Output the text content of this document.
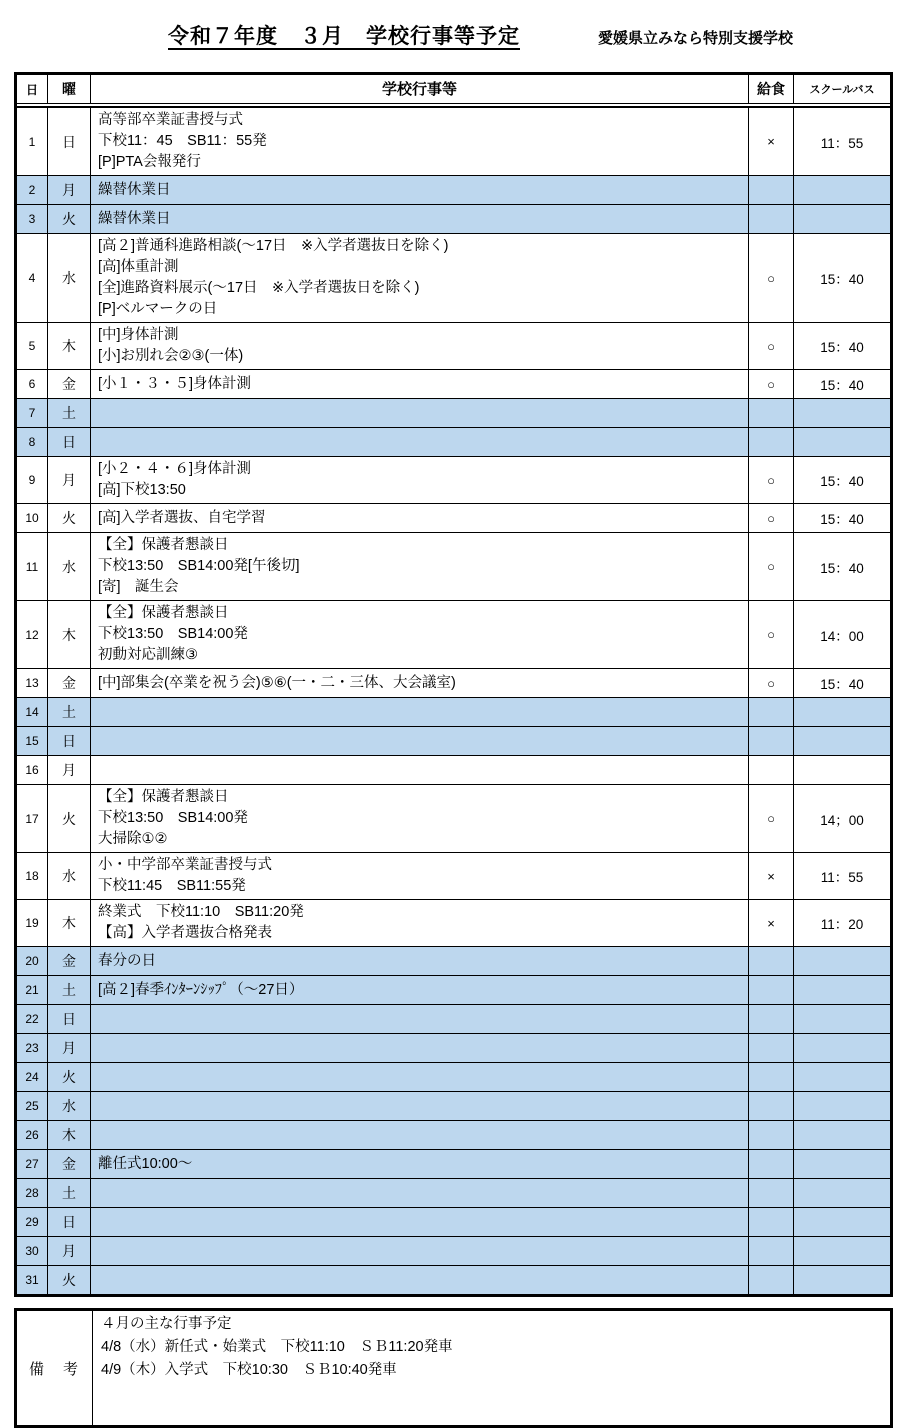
令和７年度　３月　学校行事等予定	愛媛県立みなら特別支援学校
日	曜	学校行事等	給食	スクールバス
1	日
高等部卒業証書授与式
下校11：45　SB11：55発
[P]PTA会報発行
×	11：55
2	月	繰替休業日
3	火	繰替休業日
4	水
[高２]普通科進路相談(～17日　※入学者選抜日を除く)
[高]体重計測
[全]進路資料展示(～17日　※入学者選抜日を除く)
[P]ベルマークの日
○	15：40
5	木
[中]身体計測
[小]お別れ会②③(一体)
○	15：40
6	金	[小１・３・５]身体計測	○	15：40
7	土
8	日
9	月
[小２・４・６]身体計測
[高]下校13:50
○	15：40
10	火	[高]入学者選抜、自宅学習	○	15：40
11	水
【全】保護者懇談日
下校13:50　SB14:00発[午後切]
[寄]　誕生会
○	15：40
12	木
【全】保護者懇談日
下校13:50　SB14:00発
初動対応訓練③
○	14：00
13	金	[中]部集会(卒業を祝う会)⑤⑥(一・二・三体、大会議室)	○	15：40
14	土
15	日
16	月
17	火
【全】保護者懇談日
下校13:50　SB14:00発
大掃除①②
○	14；00
18	水
小・中学部卒業証書授与式
下校11:45　SB11:55発
×	11：55
19	木
終業式　下校11:10　SB11:20発
【高】入学者選抜合格発表
×	11：20
20	金	春分の日
21	土	[高２]春季ｲﾝﾀｰﾝｼｯﾌﾟ（～27日）
22	日
23	月
24	火
25	水
26	木
27	金	離任式10:00～
28	土
29	日
30	月
31	火
備　考
４月の主な行事予定
4/8（水）新任式・始業式　下校11:10　ＳＢ11:20発車
4/9（木）入学式　下校10:30　ＳＢ10:40発車
